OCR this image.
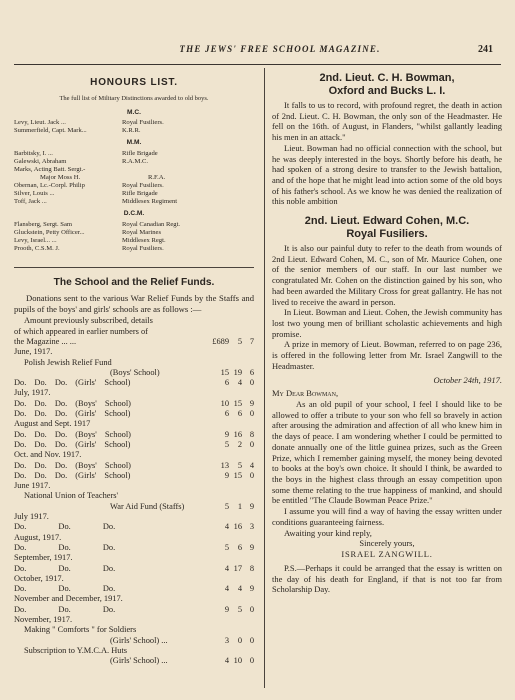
THE JEWS' FREE SCHOOL MAGAZINE.	241
HONOURS LIST.
The full list of Military Distinctions awarded to old boys.
M.C.
Levy, Lieut. Jack ...	Royal Fusiliers.
Summerfield, Capt. Mark...	K.R.R.
M.M.
Barbitsky, I. ...	Rifle Brigade
Galewski, Abraham	R.A.M.C.
Marks, Acting Batt. Sergt.-
Major Moss H.	R.F.A.
Obernan, Lc.-Corpl. Philip	Royal Fusiliers.
Silver, Louis ...	Rifle Brigade
Toff, Jack ...	Middlesex Regiment
D.C.M.
Flansberg, Sergt. Sam	Royal Canadian Regt.
Gluckstein, Petty Officer...	Royal Marines
Levy, Israel... ...	Middlesex Regt.
Prooth, C.S.M. J.	Royal Fusiliers.
The School and the Relief Funds.

Donations sent to the various War Relief Funds by the Staffs and pupils of the boys' and girls' schools are as follows :—

Amount previously subscribed, details
of which appeared in earlier numbers of
the Magazine ... ...	£689	5 7
June, 1917.
Polish Jewish Relief Fund
(Boys' School)	15 19 6
Do. Do. Do. (Girls' School)	6	4 0
July, 1917.
Do. Do. Do. (Boys' School)	10 15 9
Do. Do. Do. (Girls' School)	6	6 0
August and Sept. 1917
Do. Do. Do. (Boys' School)	9 16 8
Do. Do. Do. (Girls' School)	5	2 0
Oct. and Nov. 1917.
Do. Do. Do. (Boys' School)	13	5 4
Do. Do. Do. (Girls' School)	9 15 0
June 1917.
National Union of Teachers'
War Aid Fund (Staffs)	5	1 9
July 1917.
Do. Do. Do.	4 16 3
August, 1917.
Do. Do. Do.	5	6 9
September, 1917.
Do. Do. Do.	4 17 8
October, 1917.
Do. Do. Do.	4	4 9
November and December, 1917.
Do. Do. Do.	9	5 0
November, 1917.
Making " Comforts " for Soldiers
(Girls' School) ...	3	0 0
Subscription to Y.M.C.A. Huts
(Girls' School) ...	4 10 0
2nd. Lieut. C. H. Bowman,
Oxford and Bucks L. I.

It falls to us to record, with profound regret, the death in action of 2nd. Lieut. C. H. Bowman, the only son of the Headmaster. He fell on the 16th. of August, in Flanders, "whilst gallantly leading his men in an attack."

Lieut. Bowman had no official connection with the school, but he was deeply interested in the boys. Shortly before his death, he had spoken of a strong desire to transfer to the Jewish battalion, and of the hope that he might lead into action some of the old boys of his father's school. As we know he was denied the realization of this noble ambition

2nd. Lieut. Edward Cohen, M.C.
Royal Fusiliers.

It is also our painful duty to refer to the death from wounds of 2nd Lieut. Edward Cohen, M. C., son of Mr. Maurice Cohen, one of the senior members of our staff. In our last number we congratulated Mr. Cohen on the distinction gained by his son, who had been awarded the Military Cross for great gallantry. He has not lived to receive the award in person.

In Lieut. Bowman and Lieut. Cohen, the Jewish community has lost two young men of brilliant scholastic achievements and high promise.

A prize in memory of Lieut. Bowman, referred to on page 236, is offered in the following letter from Mr. Israel Zangwill to the Headmaster.

October 24th, 1917.
My Dear Bowman,

As an old pupil of your school, I feel I should like to be allowed to offer a tribute to your son who fell so bravely in action after arousing the admiration and affection of all who knew him in the days of peace. I am wondering whether I could be permitted to donate annually one of the little guinea prizes, such as the Green Prize, which I remember gaining myself, the money being devoted to books at the boy's own choice. It should I think, be awarded to the boys in the highest class through an essay competition upon some theme relating to the true happiness of mankind, and should be entitled "The Claude Bowman Peace Prize."

I assume you will find a way of having the essay written under conditions guaranteeing fairness.

Awaiting your kind reply,
Sincerely yours,
ISRAEL ZANGWILL.

P.S.—Perhaps it could be arranged that the essay is written on the day of his death for England, if that is not too far from Scholarship Day.
